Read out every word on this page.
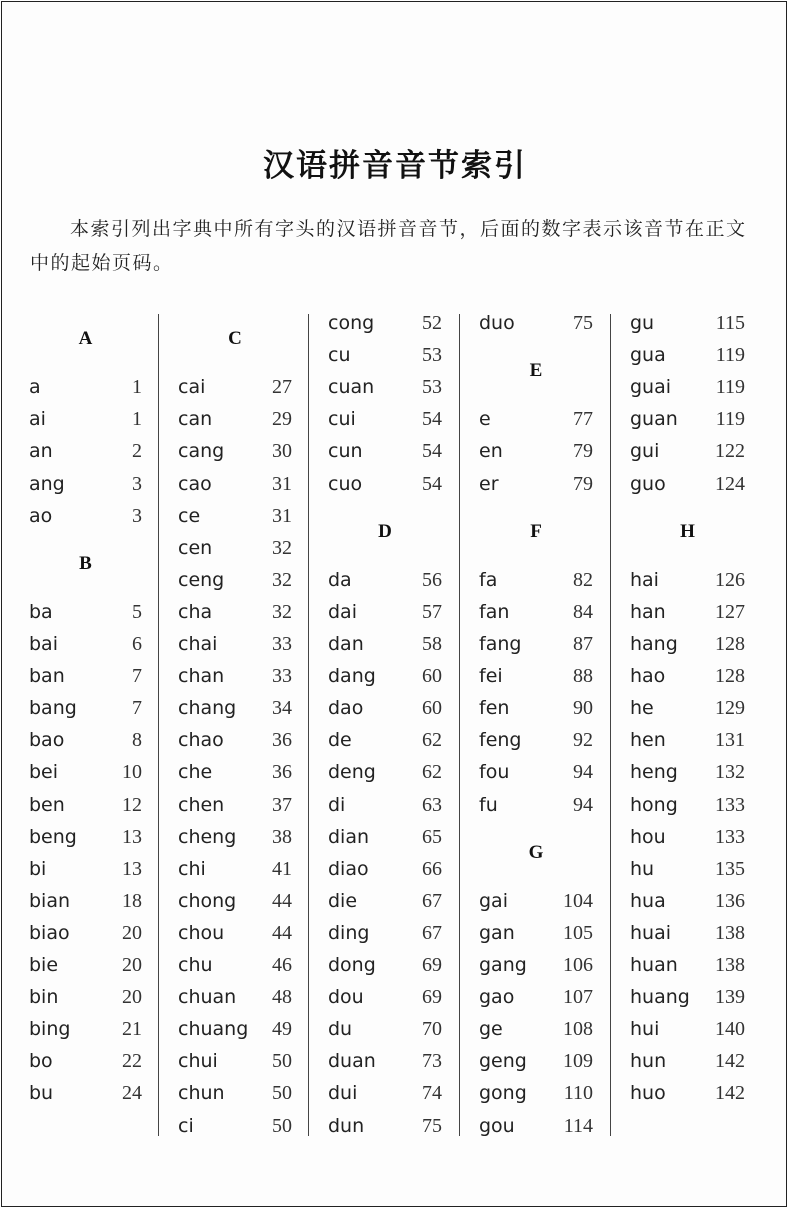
汉语拼音音节索引
本索引列出字典中所有字头的汉语拼音音节，后面的数字表示该音节在正文中的起始页码。
A
a	1
ai	1
an	2
ang	3
ao	3
B
ba	5
bai	6
ban	7
bang	7
bao	8
bei	10
ben	12
beng 13
bi	13
bian	18
biao	20
bie	20
bin	20
bing	21
bo	22
bu	24
C
cai	27
can	29
cang 30
cao	31
ce	31
cen	32
ceng 32
cha	32
chai	33
chan 33
chang 34
chao 36
che	36
chen 37
cheng 38
chi	41
chong 44
chou 44
chu	46
chuan 48
chuang 49
chui	50
chun 50
ci	50
cong 52
cu	53
cuan 53
cui	54
cun	54
cuo	54
D
da	56
dai	57
dan	58
dang 60
dao	60
de	62
deng 62
di	63
dian	65
diao	66
die	67
ding	67
dong 69
dou	69
du	70
duan 73
dui	74
dun	75
duo	75
E
e	77
en	79
er	79
F
fa	82
fan	84
fang	87
fei	88
fen	90
feng	92
fou	94
fu	94
G
gai	104
gan 105
gang 106
gao 107
ge	108
geng 109
gong 110
gou 114
gu	115
gua 119
guai 119
guan 119
gui	122
guo 124
H
hai	126
han 127
hang 128
hao 128
he	129
hen 131
heng 132
hong 133
hou 133
hu	135
hua 136
huai 138
huan 138
huang 139
hui	140
hun 142
huo 142
